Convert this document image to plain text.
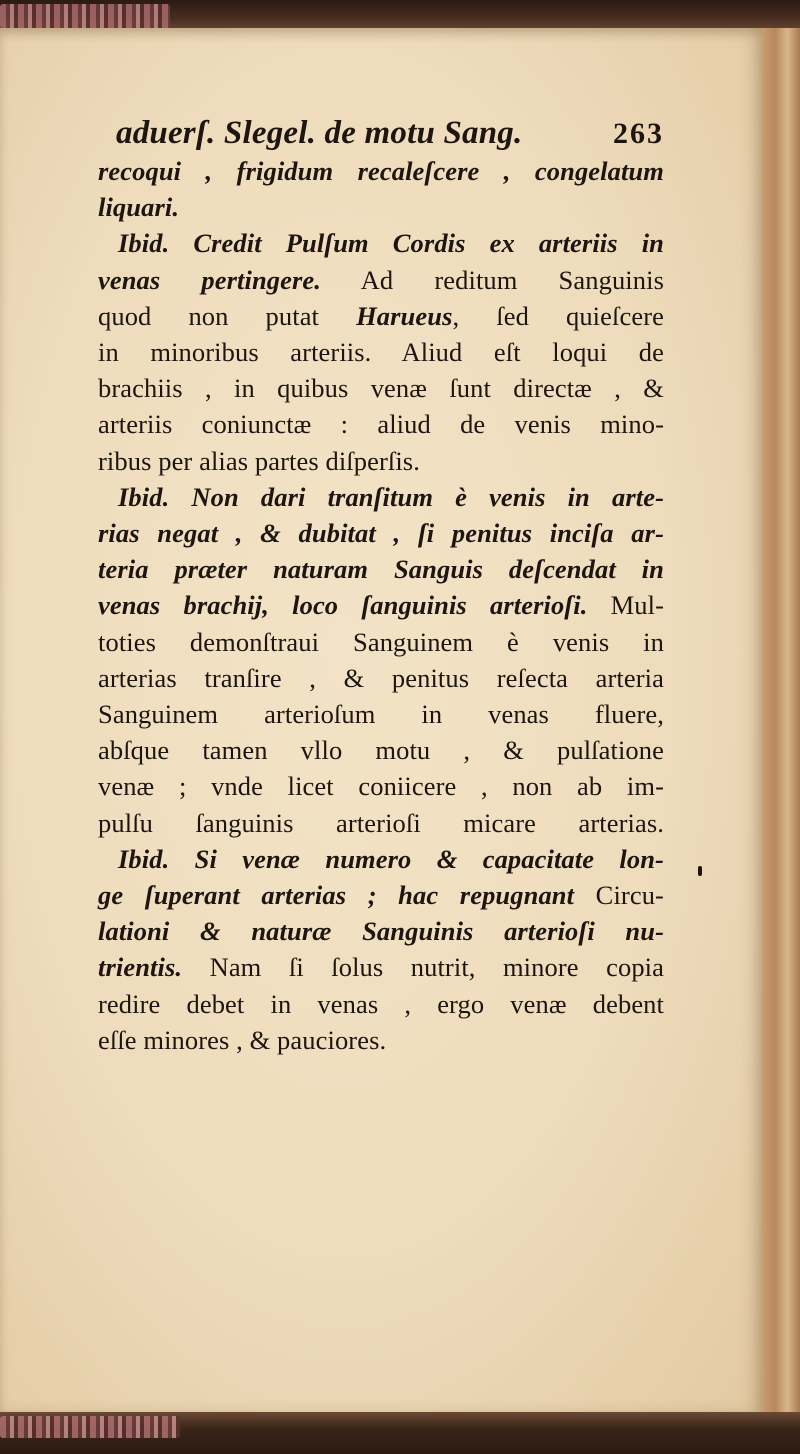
aduerſ. Slegel. de motu Sang.	263
recoqui , frigidum recaleſcere , congelatum
liquari.
Ibid. Credit Pulſum Cordis ex arteriis in
venas pertingere. Ad reditum Sanguinis
quod non putat Harueus, ſed quieſcere
in minoribus arteriis. Aliud eſt loqui de
brachiis , in quibus venæ ſunt directæ , &
arteriis coniunctæ : aliud de venis mino-
ribus per alias partes diſperſis.
Ibid. Non dari tranſitum è venis in arte-
rias negat , & dubitat , ſi penitus inciſa ar-
teria præter naturam Sanguis deſcendat in
venas brachij, loco ſanguinis arterioſi. Mul-
toties demonſtraui Sanguinem è venis in
arterias tranſire , & penitus reſecta arteria
Sanguinem arterioſum in venas fluere,
abſque tamen vllo motu , & pulſatione
venæ ; vnde licet coniicere , non ab im-
pulſu ſanguinis arterioſi micare arterias.
Ibid. Si venæ numero & capacitate lon-
ge ſuperant arterias ; hac repugnant Circu-
lationi & naturæ Sanguinis arterioſi nu-
trientis. Nam ſi ſolus nutrit, minore copia
redire debet in venas , ergo venæ debent
eſſe minores , & pauciores.
